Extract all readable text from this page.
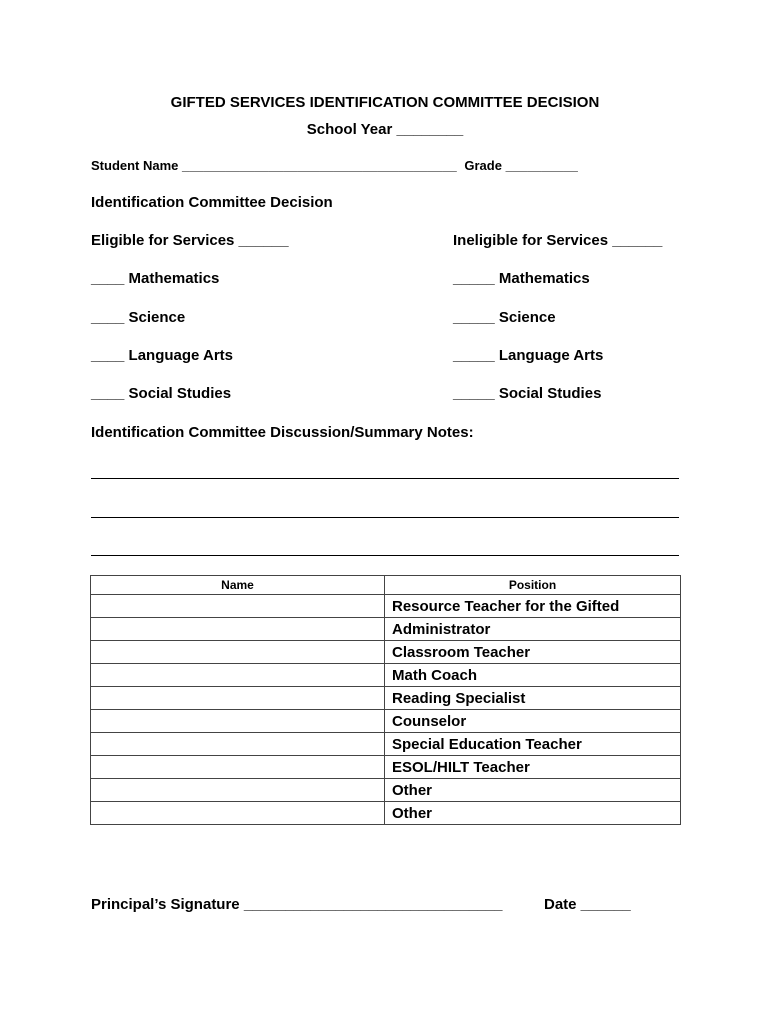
GIFTED SERVICES IDENTIFICATION COMMITTEE DECISION
School Year ________
Student Name ______________________________________ Grade __________
Identification Committee Decision
Eligible for Services ______
____ Mathematics
____ Science
____ Language Arts
____ Social Studies
Ineligible for Services ______
_____ Mathematics
_____ Science
_____ Language Arts
_____ Social Studies
Identification Committee Discussion/Summary Notes:
Name	Position
	Resource Teacher for the Gifted
	Administrator
	Classroom Teacher
	Math Coach
	Reading Specialist
	Counselor
	Special Education Teacher
	ESOL/HILT Teacher
	Other
	Other
Principal’s Signature _______________________________	Date ______
